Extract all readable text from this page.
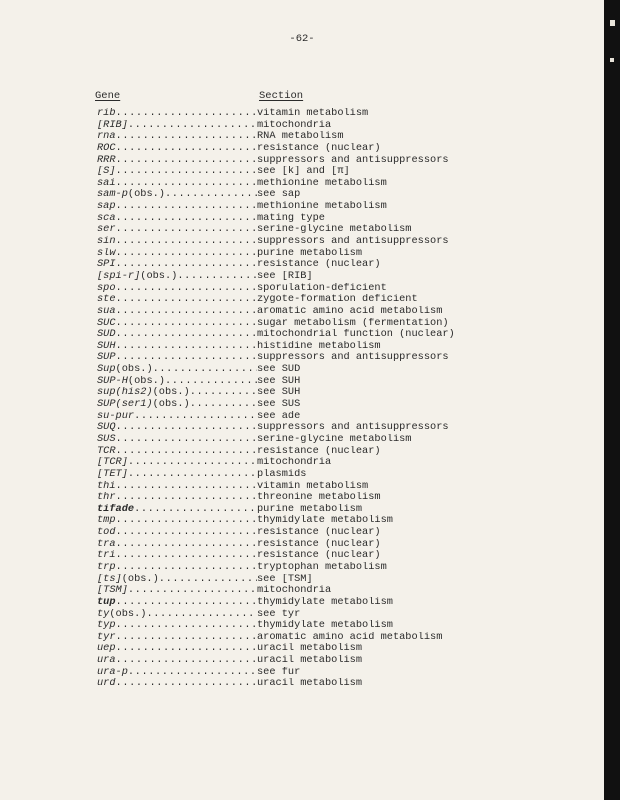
-62-
Gene	Section
rib .....	vitamin metabolism
[RIB] .....	mitochondria
rna .....	RNA metabolism
ROC .....	resistance (nuclear)
RRR .....	suppressors and antisuppressors
[S] .....	see [k] and [π]
sai .....	methionine metabolism
sam-p (obs.) .....	see sap
sap .....	methionine metabolism
sca .....	mating type
ser .....	serine-glycine metabolism
sin .....	suppressors and antisuppressors
slw .....	purine metabolism
SPI .....	resistance (nuclear)
[spi-r] (obs.) .....	see [RIB]
spo .....	sporulation-deficient
ste .....	zygote-formation deficient
sua .....	aromatic amino acid metabolism
SUC .....	sugar metabolism (fermentation)
SUD .....	mitochondrial function (nuclear)
SUH .....	histidine metabolism
SUP .....	suppressors and antisuppressors
Sup (obs.) .....	see SUD
SUP-H (obs.) .....	see SUH
sup(his2) (obs.) .....	see SUH
SUP(ser1) (obs.) .....	see SUS
su-pur .....	see ade
SUQ .....	suppressors and antisuppressors
SUS .....	serine-glycine metabolism
TCR .....	resistance (nuclear)
[TCR] .....	mitochondria
[TET] .....	plasmids
thi .....	vitamin metabolism
thr .....	threonine metabolism
tifade .....	purine metabolism
tmp .....	thymidylate metabolism
tod .....	resistance (nuclear)
tra .....	resistance (nuclear)
tri .....	resistance (nuclear)
trp .....	tryptophan metabolism
[ts] (obs.) .....	see [TSM]
[TSM] .....	mitochondria
tup .....	thymidylate metabolism
ty (obs.) .....	see tyr
typ .....	thymidylate metabolism
tyr .....	aromatic amino acid metabolism
uep .....	uracil metabolism
ura .....	uracil metabolism
ura-p .....	see fur
urd .....	uracil metabolism
